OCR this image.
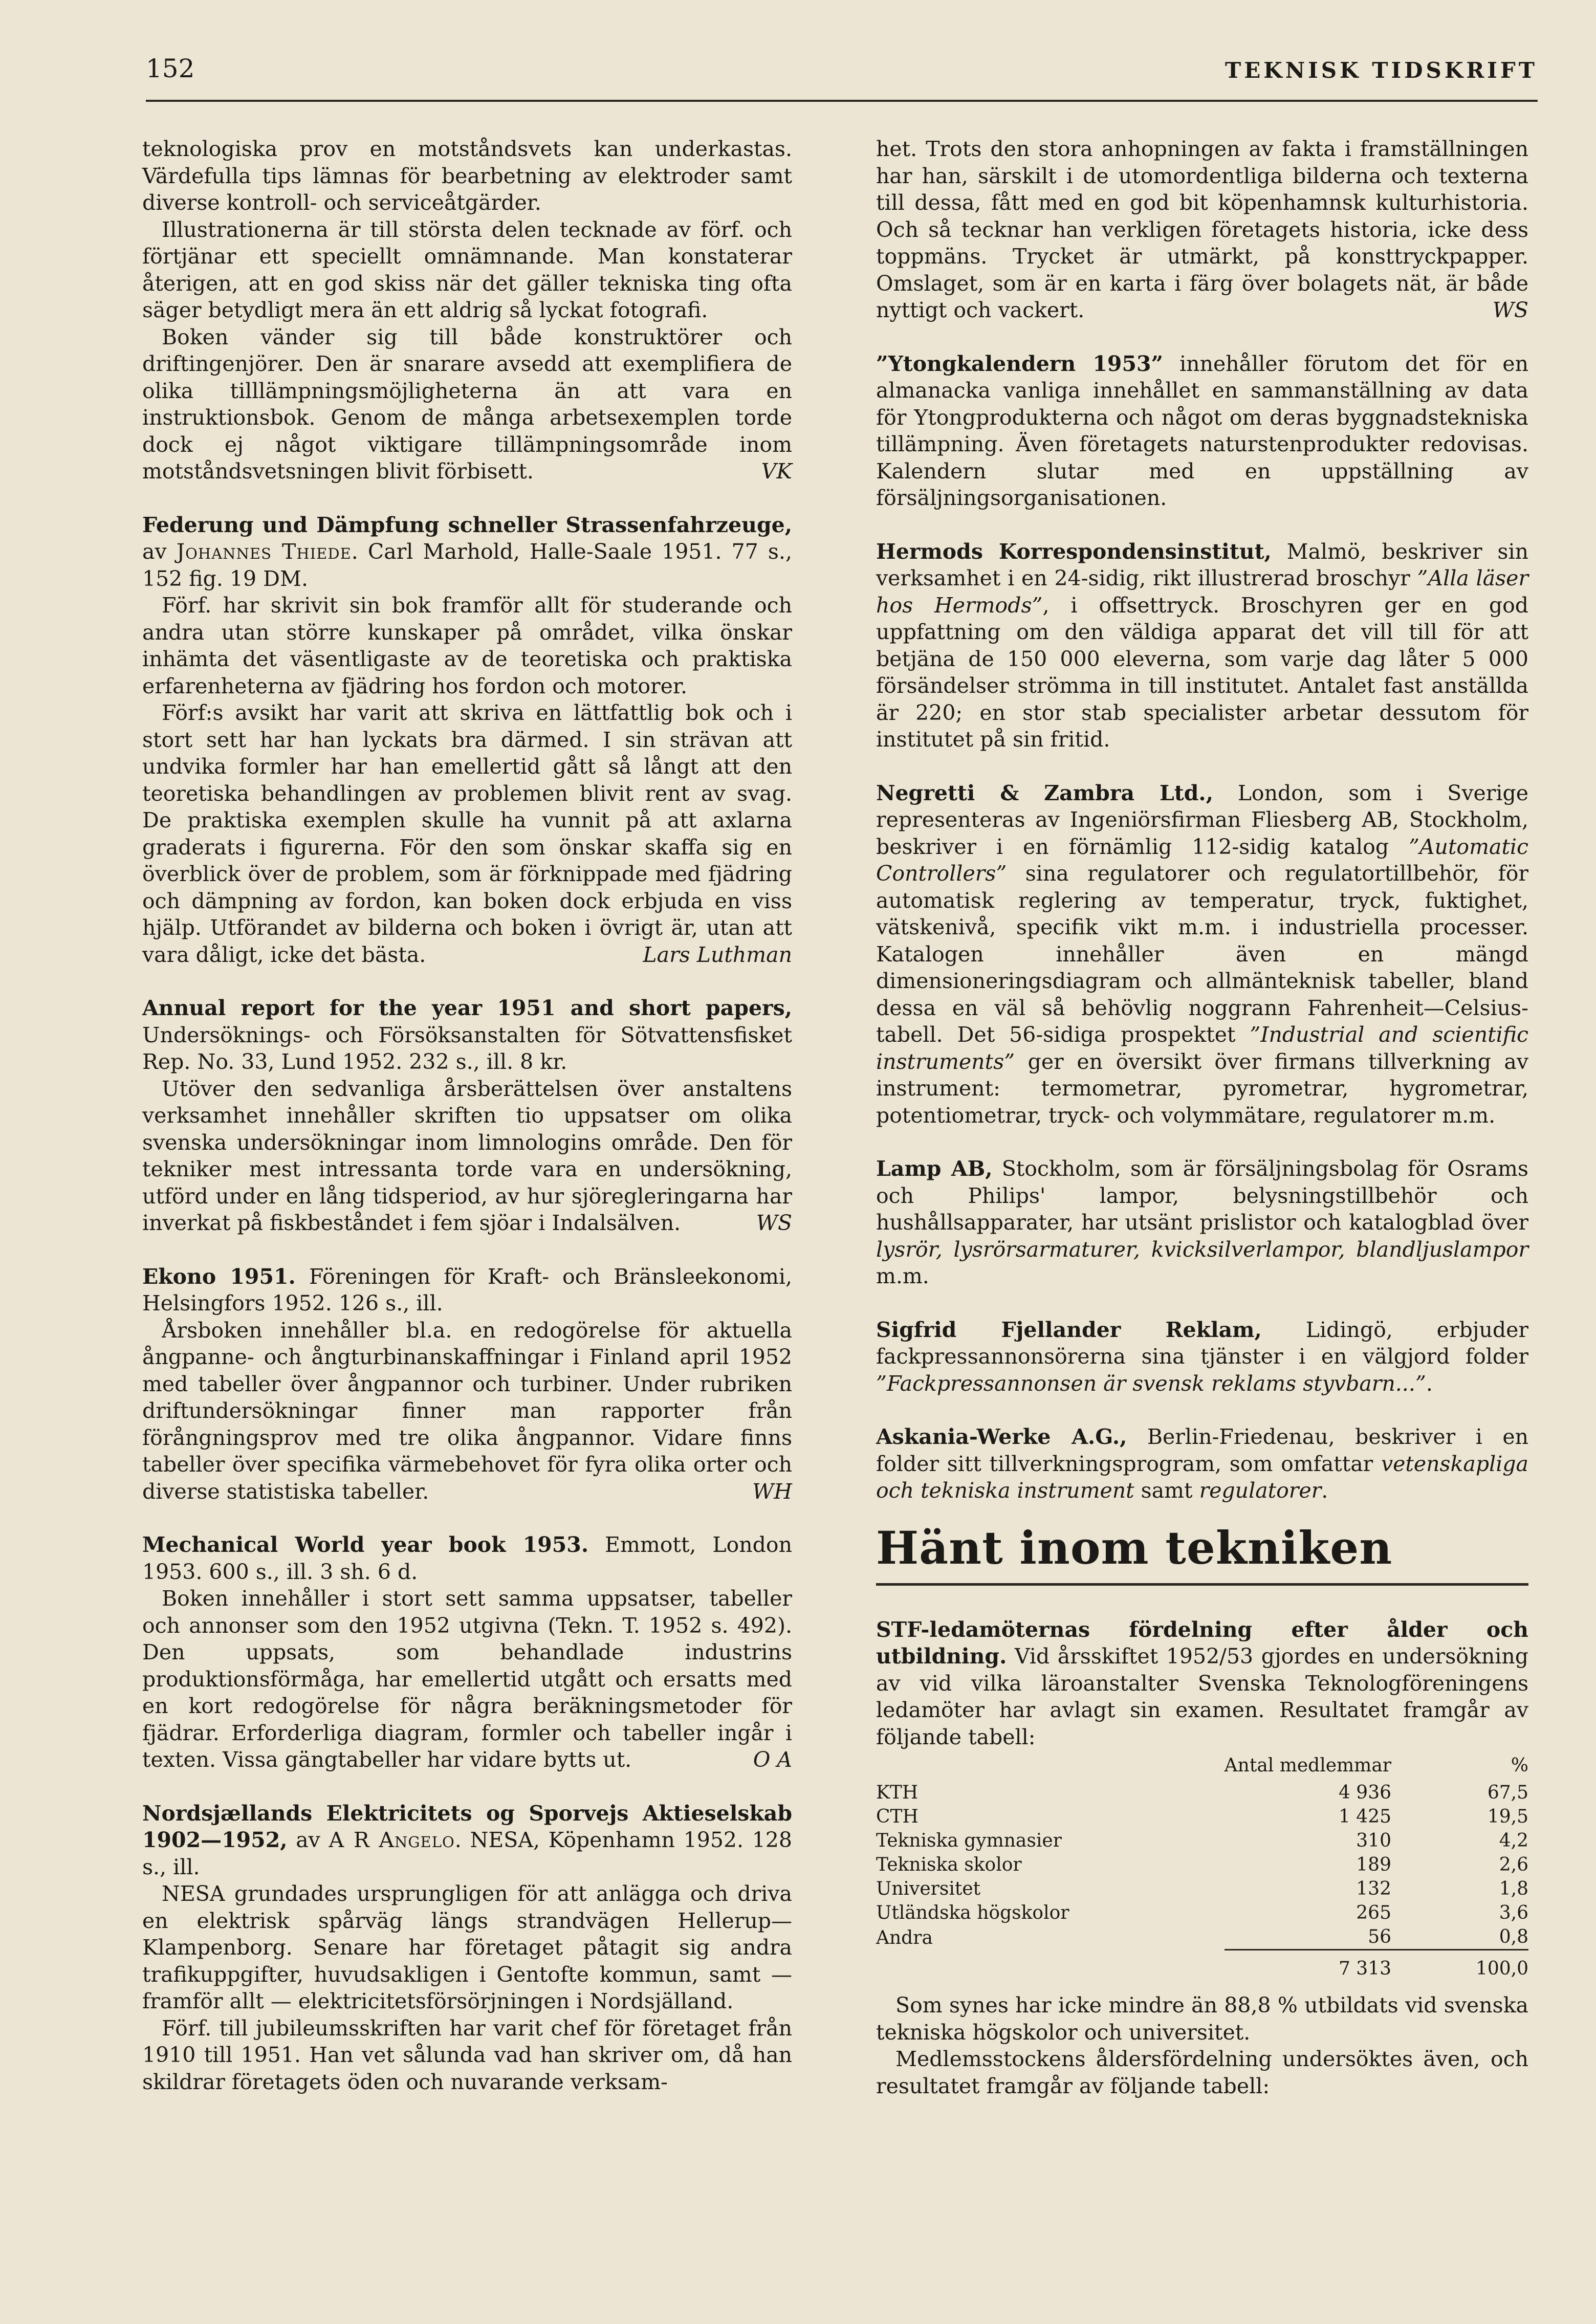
152	TEKNISK TIDSKRIFT

teknologiska prov en motståndsvets kan underkastas. Värdefulla tips lämnas för bearbetning av elektroder samt diverse kontroll- och serviceåtgärder.

Illustrationerna är till största delen tecknade av förf. och förtjänar ett speciellt omnämnande. Man konstaterar återigen, att en god skiss när det gäller tekniska ting ofta säger betydligt mera än ett aldrig så lyckat fotografi.

Boken vänder sig till både konstruktörer och driftingenjörer. Den är snarare avsedd att exemplifiera de olika tilllämpningsmöjligheterna än att vara en instruktionsbok. Genom de många arbetsexemplen torde dock ej något viktigare tillämpningsområde inom motståndsvetsningen blivit förbisett.	VK

Federung und Dämpfung schneller Strassenfahrzeuge, av Johannes Thiede. Carl Marhold, Halle-Saale 1951. 77 s., 152 fig. 19 DM.

Förf. har skrivit sin bok framför allt för studerande och andra utan större kunskaper på området, vilka önskar inhämta det väsentligaste av de teoretiska och praktiska erfarenheterna av fjädring hos fordon och motorer.

Förf:s avsikt har varit att skriva en lättfattlig bok och i stort sett har han lyckats bra därmed. I sin strävan att undvika formler har han emellertid gått så långt att den teoretiska behandlingen av problemen blivit rent av svag. De praktiska exemplen skulle ha vunnit på att axlarna graderats i figurerna. För den som önskar skaffa sig en överblick över de problem, som är förknippade med fjädring och dämpning av fordon, kan boken dock erbjuda en viss hjälp. Utförandet av bilderna och boken i övrigt är, utan att vara dåligt, icke det bästa.	Lars Luthman

Annual report for the year 1951 and short papers, Undersöknings- och Försöksanstalten för Sötvattensfisket Rep. No. 33, Lund 1952. 232 s., ill. 8 kr.

Utöver den sedvanliga årsberättelsen över anstaltens verksamhet innehåller skriften tio uppsatser om olika svenska undersökningar inom limnologins område. Den för tekniker mest intressanta torde vara en undersökning, utförd under en lång tidsperiod, av hur sjöregleringarna har inverkat på fiskbeståndet i fem sjöar i Indalsälven.	WS

Ekono 1951. Föreningen för Kraft- och Bränsleekonomi, Helsingfors 1952. 126 s., ill.

Årsboken innehåller bl.a. en redogörelse för aktuella ångpanne- och ångturbinanskaffningar i Finland april 1952 med tabeller över ångpannor och turbiner. Under rubriken driftundersökningar finner man rapporter från förångningsprov med tre olika ångpannor. Vidare finns tabeller över specifika värmebehovet för fyra olika orter och diverse statistiska tabeller.	WH

Mechanical World year book 1953. Emmott, London 1953. 600 s., ill. 3 sh. 6 d.

Boken innehåller i stort sett samma uppsatser, tabeller och annonser som den 1952 utgivna (Tekn. T. 1952 s. 492). Den uppsats, som behandlade industrins produktionsförmåga, har emellertid utgått och ersatts med en kort redogörelse för några beräkningsmetoder för fjädrar. Erforderliga diagram, formler och tabeller ingår i texten. Vissa gängtabeller har vidare bytts ut.	O A

Nordsjællands Elektricitets og Sporvejs Aktieselskab 1902—1952, av A R Angelo. NESA, Köpenhamn 1952. 128 s., ill.

NESA grundades ursprungligen för att anlägga och driva en elektrisk spårväg längs strandvägen Hellerup—Klampenborg. Senare har företaget påtagit sig andra trafikuppgifter, huvudsakligen i Gentofte kommun, samt — framför allt — elektricitetsförsörjningen i Nordsjälland.

Förf. till jubileumsskriften har varit chef för företaget från 1910 till 1951. Han vet sålunda vad han skriver om, då han skildrar företagets öden och nuvarande verksam-

het. Trots den stora anhopningen av fakta i framställningen har han, särskilt i de utomordentliga bilderna och texterna till dessa, fått med en god bit köpenhamnsk kulturhistoria. Och så tecknar han verkligen företagets historia, icke dess toppmäns. Trycket är utmärkt, på konsttryckpapper. Omslaget, som är en karta i färg över bolagets nät, är både nyttigt och vackert.	WS

”Ytongkalendern 1953” innehåller förutom det för en almanacka vanliga innehållet en sammanställning av data för Ytongprodukterna och något om deras byggnadstekniska tillämpning. Även företagets naturstenprodukter redovisas. Kalendern slutar med en uppställning av försäljningsorganisationen.

Hermods Korrespondensinstitut, Malmö, beskriver sin verksamhet i en 24-sidig, rikt illustrerad broschyr ”Alla läser hos Hermods”, i offsettryck. Broschyren ger en god uppfattning om den väldiga apparat det vill till för att betjäna de 150 000 eleverna, som varje dag låter 5 000 försändelser strömma in till institutet. Antalet fast anställda är 220; en stor stab specialister arbetar dessutom för institutet på sin fritid.

Negretti & Zambra Ltd., London, som i Sverige representeras av Ingeniörsfirman Fliesberg AB, Stockholm, beskriver i en förnämlig 112-sidig katalog ”Automatic Controllers” sina regulatorer och regulatortillbehör, för automatisk reglering av temperatur, tryck, fuktighet, vätskenivå, specifik vikt m.m. i industriella processer. Katalogen innehåller även en mängd dimensioneringsdiagram och allmänteknisk tabeller, bland dessa en väl så behövlig noggrann Fahrenheit—Celsius-tabell. Det 56-sidiga prospektet ”Industrial and scientific instruments” ger en översikt över firmans tillverkning av instrument: termometrar, pyrometrar, hygrometrar, potentiometrar, tryck- och volymmätare, regulatorer m.m.

Lamp AB, Stockholm, som är försäljningsbolag för Osrams och Philips' lampor, belysningstillbehör och hushållsapparater, har utsänt prislistor och katalogblad över lysrör, lysrörsarmaturer, kvicksilverlampor, blandljuslampor m.m.

Sigfrid Fjellander Reklam, Lidingö, erbjuder fackpressannonsörerna sina tjänster i en välgjord folder ”Fackpressannonsen är svensk reklams styvbarn...”.

Askania-Werke A.G., Berlin-Friedenau, beskriver i en folder sitt tillverkningsprogram, som omfattar vetenskapliga och tekniska instrument samt regulatorer.

Hänt inom tekniken

STF-ledamöternas fördelning efter ålder och utbildning. Vid årsskiftet 1952/53 gjordes en undersökning av vid vilka läroanstalter Svenska Teknologföreningens ledamöter har avlagt sin examen. Resultatet framgår av följande tabell:

	Antal medlemmar	%
KTH	4 936	67,5
CTH	1 425	19,5
Tekniska gymnasier	310	4,2
Tekniska skolor	189	2,6
Universitet	132	1,8
Utländska högskolor	265	3,6
Andra	56	0,8
	7 313	100,0

Som synes har icke mindre än 88,8 % utbildats vid svenska tekniska högskolor och universitet.

Medlemsstockens åldersfördelning undersöktes även, och resultatet framgår av följande tabell:
